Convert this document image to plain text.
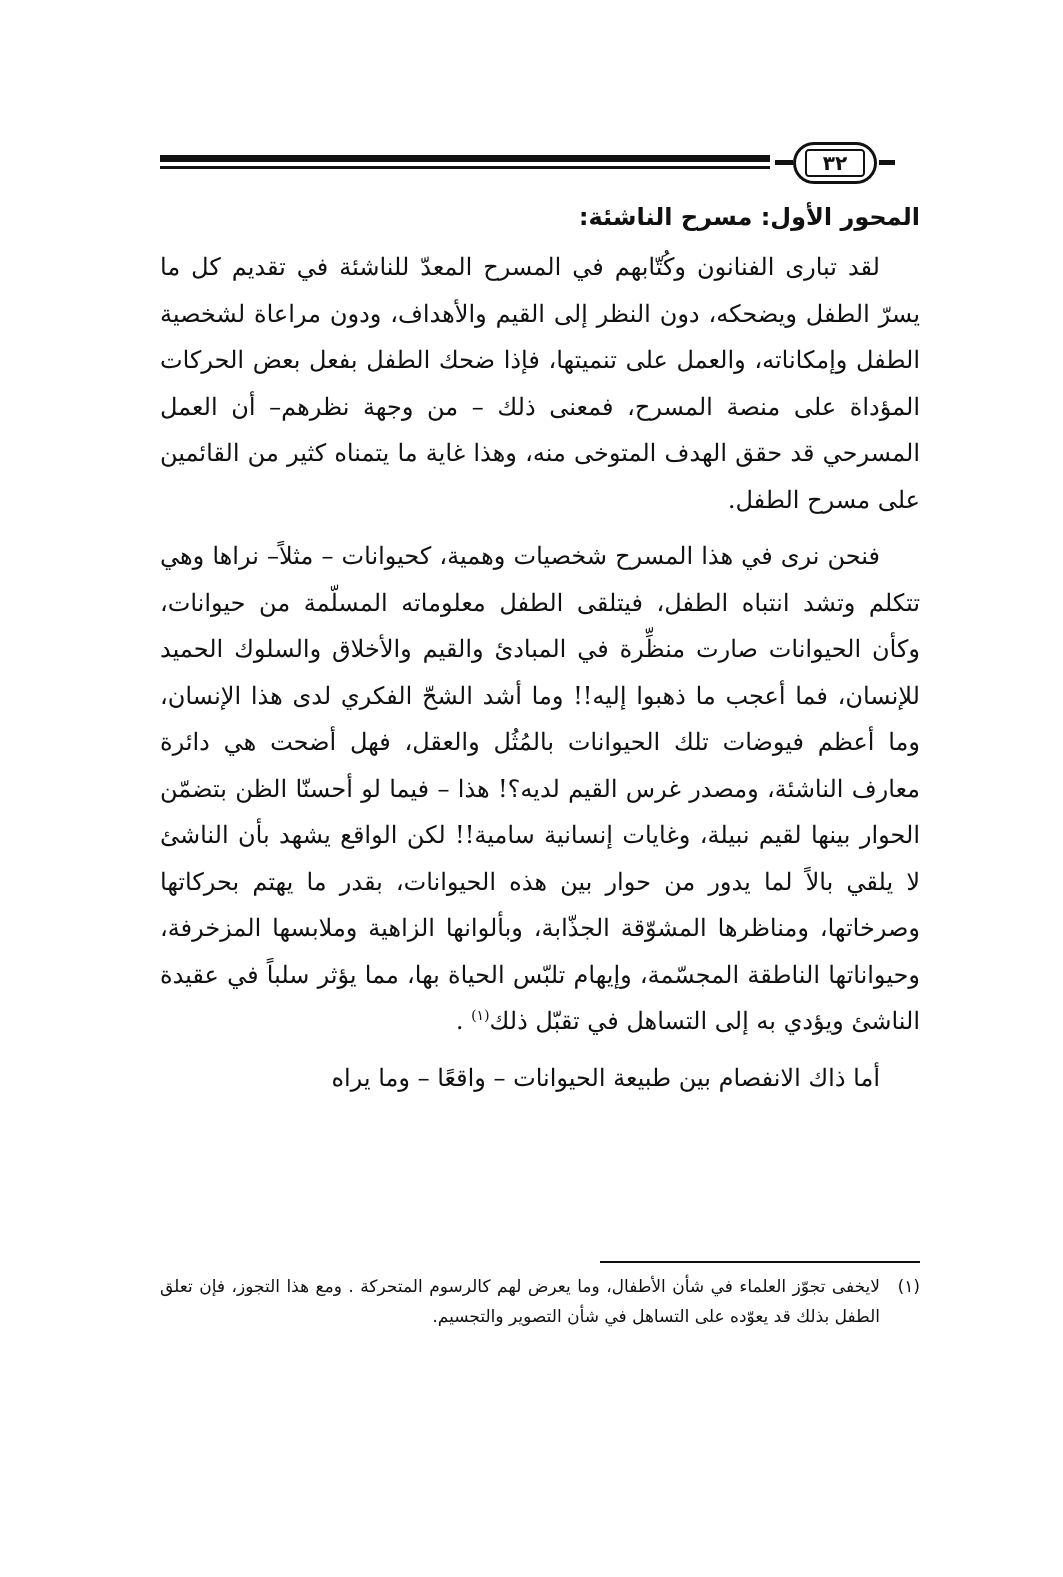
٣٢
المحور الأول: مسرح الناشئة:

لقد تبارى الفنانون وكُتّابهم في المسرح المعدّ للناشئة في تقديم كل ما يسرّ الطفل ويضحكه، دون النظر إلى القيم والأهداف، ودون مراعاة لشخصية الطفل وإمكاناته، والعمل على تنميتها، فإذا ضحك الطفل بفعل بعض الحركات المؤداة على منصة المسرح، فمعنى ذلك – من وجهة نظرهم– أن العمل المسرحي قد حقق الهدف المتوخى منه، وهذا غاية ما يتمناه كثير من القائمين على مسرح الطفل.

فنحن نرى في هذا المسرح شخصيات وهمية، كحيوانات – مثلاً– نراها وهي تتكلم وتشد انتباه الطفل، فيتلقى الطفل معلوماته المسلّمة من حيوانات، وكأن الحيوانات صارت منظِّرة في المبادئ والقيم والأخلاق والسلوك الحميد للإنسان، فما أعجب ما ذهبوا إليه!! وما أشد الشحّ الفكري لدى هذا الإنسان، وما أعظم فيوضات تلك الحيوانات بالمُثُل والعقل، فهل أضحت هي دائرة معارف الناشئة، ومصدر غرس القيم لديه؟! هذا – فيما لو أحسنّا الظن بتضمّن الحوار بينها لقيم نبيلة، وغايات إنسانية سامية!! لكن الواقع يشهد بأن الناشئ لا يلقي بالاً لما يدور من حوار بين هذه الحيوانات، بقدر ما يهتم بحركاتها وصرخاتها، ومناظرها المشوّقة الجذّابة، وبألوانها الزاهية وملابسها المزخرفة، وحيواناتها الناطقة المجسّمة، وإيهام تلبّس الحياة بها، مما يؤثر سلباً في عقيدة الناشئ ويؤدي به إلى التساهل في تقبّل ذلك$^{(١)}$ .

أما ذاك الانفصام بين طبيعة الحيوانات – واقعًا – وما يراه

(١)
لايخفى تجوّز العلماء في شأن الأطفال، وما يعرض لهم كالرسوم المتحركة . ومع هذا التجوز، فإن تعلق الطفل بذلك قد يعوّده على التساهل في شأن التصوير والتجسيم.
